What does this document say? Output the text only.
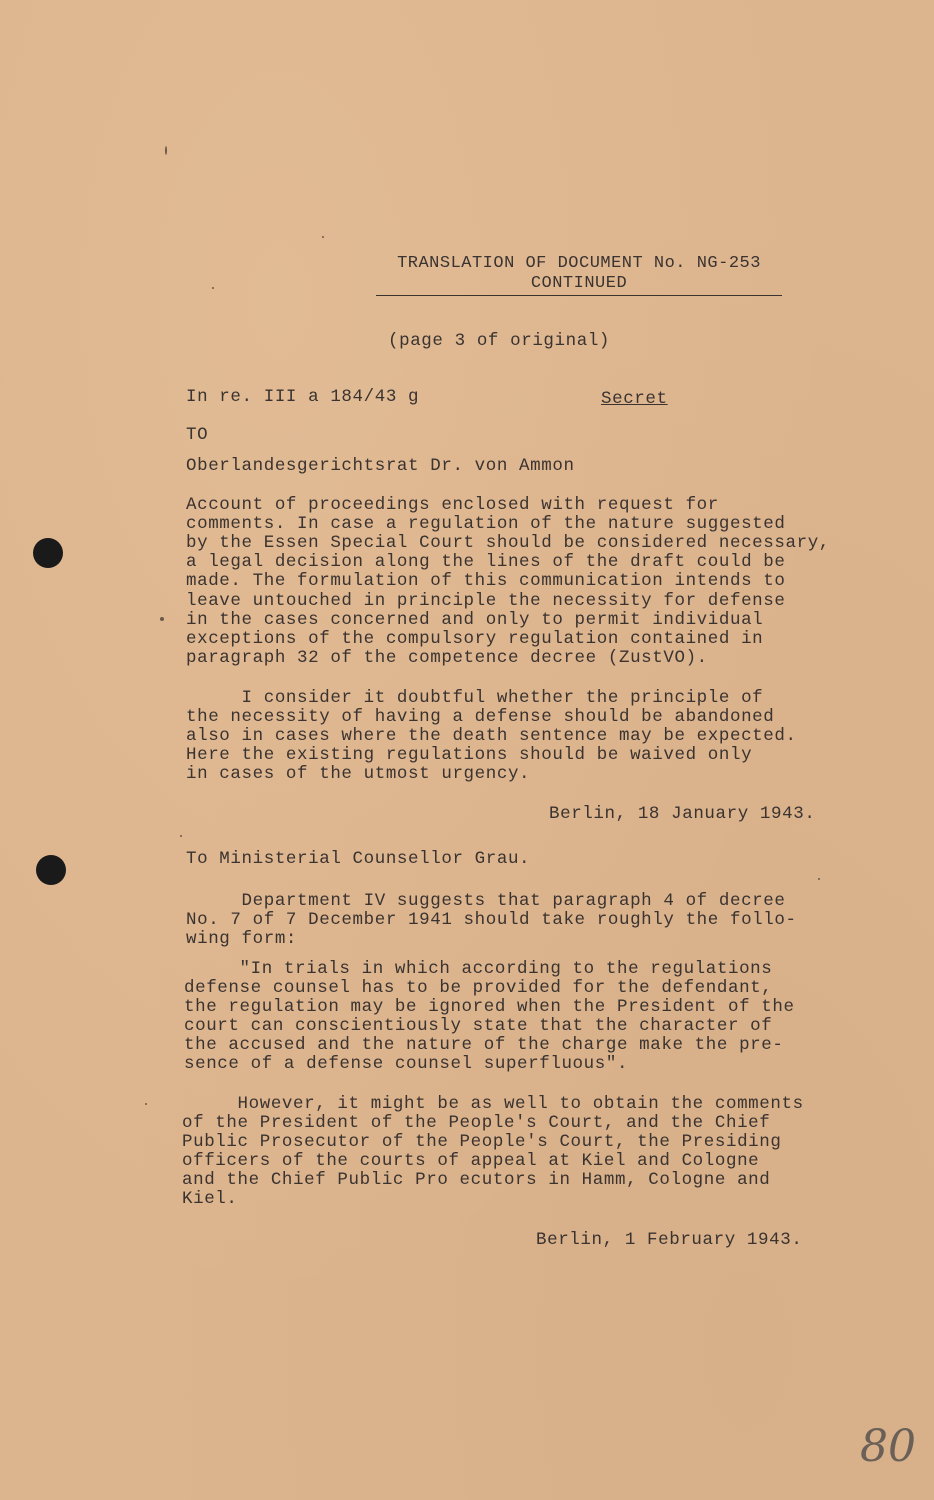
TRANSLATION OF DOCUMENT No. NG-253
CONTINUED
(page 3 of original)
In re. III a 184/43 g	Secret
TO
Oberlandesgerichtsrat Dr. von Ammon
Account of proceedings enclosed with request for
comments. In case a regulation of the nature suggested
by the Essen Special Court should be considered necessary,
a legal decision along the lines of the draft could be
made. The formulation of this communication intends to
leave untouched in principle the necessity for defense
in the cases concerned and only to permit individual
exceptions of the compulsory regulation contained in
paragraph 32 of the competence decree (ZustVO).
I consider it doubtful whether the principle of
the necessity of having a defense should be abandoned
also in cases where the death sentence may be expected.
Here the existing regulations should be waived only
in cases of the utmost urgency.
Berlin, 18 January 1943.
To Ministerial Counsellor Grau.
Department IV suggests that paragraph 4 of decree
No. 7 of 7 December 1941 should take roughly the follo-
wing form:
"In trials in which according to the regulations
defense counsel has to be provided for the defendant,
the regulation may be ignored when the President of the
court can conscientiously state that the character of
the accused and the nature of the charge make the pre-
sence of a defense counsel superfluous".
However, it might be as well to obtain the comments
of the President of the People's Court, and the Chief
Public Prosecutor of the People's Court, the Presiding
officers of the courts of appeal at Kiel and Cologne
and the Chief Public Pro ecutors in Hamm, Cologne and
Kiel.
Berlin, 1 February 1943.
80
